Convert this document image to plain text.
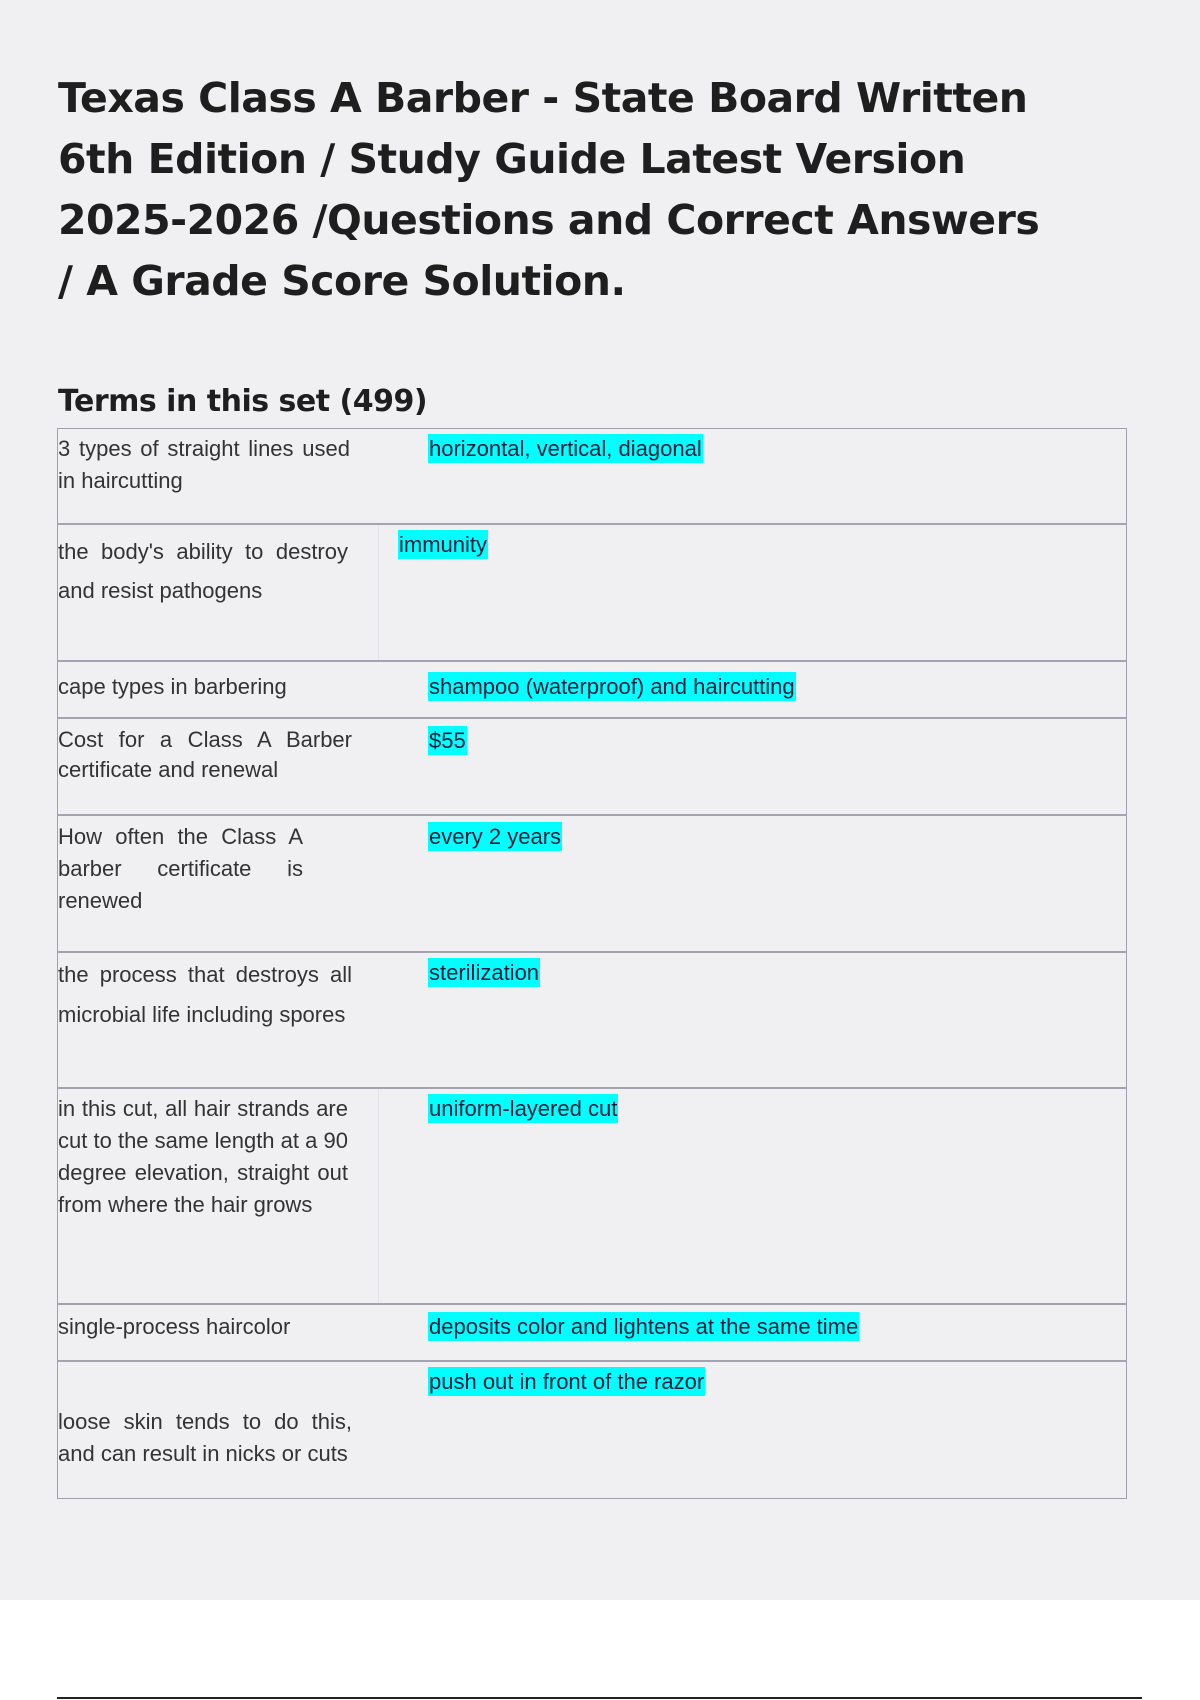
Texas Class A Barber - State Board Written 6th Edition / Study Guide Latest Version 2025-2026 /Questions and Correct Answers / A Grade Score Solution.
Terms in this set (499)
3 types of straight lines used in haircutting
horizontal, vertical, diagonal
the body's ability to destroy and resist pathogens
immunity
cape types in barbering	shampoo (waterproof) and haircutting
Cost for a Class A Barber certificate and renewal
$55
How often the Class A barber certificate is renewed
every 2 years
the process that destroys all microbial life including spores
sterilization
in this cut, all hair strands are cut to the same length at a 90 degree elevation, straight out from where the hair grows
uniform-layered cut
single-process haircolor	deposits color and lightens at the same time
loose skin tends to do this, and can result in nicks or cuts
push out in front of the razor
